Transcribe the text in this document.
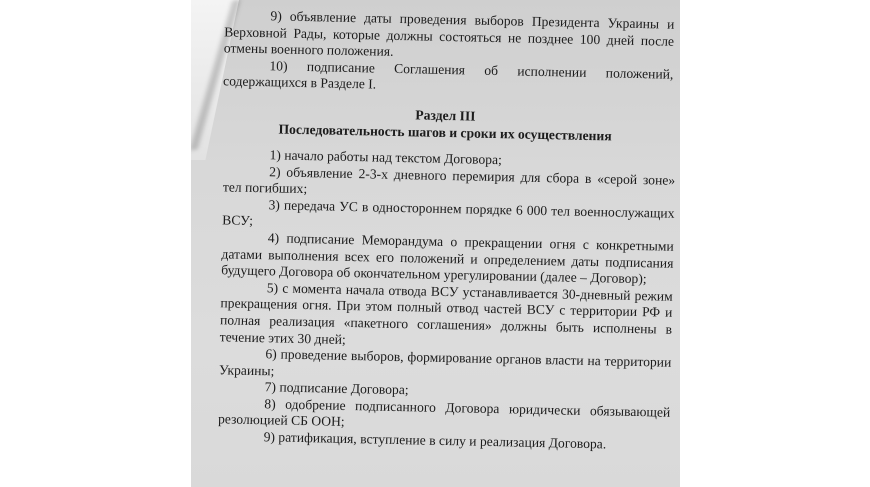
9) объявление даты проведения выборов Президента Украины и Верховной Рады, которые должны состояться не позднее 100 дней после отмены военного положения.

10) подписание Соглашения об исполнении положений, содержащихся в Разделе I.

Раздел III
Последовательность шагов и сроки их осуществления

1) начало работы над текстом Договора;

2) объявление 2-3-х дневного перемирия для сбора в «серой зоне» тел погибших;

3) передача УС в одностороннем порядке 6 000 тел военнослужащих ВСУ;

4) подписание Меморандума о прекращении огня с конкретными датами выполнения всех его положений и определением даты подписания будущего Договора об окончательном урегулировании (далее – Договор);

5) с момента начала отвода ВСУ устанавливается 30-дневный режим прекращения огня. При этом полный отвод частей ВСУ с территории РФ и полная реализация «пакетного соглашения» должны быть исполнены в течение этих 30 дней;

6) проведение выборов, формирование органов власти на территории Украины;

7) подписание Договора;

8) одобрение подписанного Договора юридически обязывающей резолюцией СБ ООН;

9) ратификация, вступление в силу и реализация Договора.
